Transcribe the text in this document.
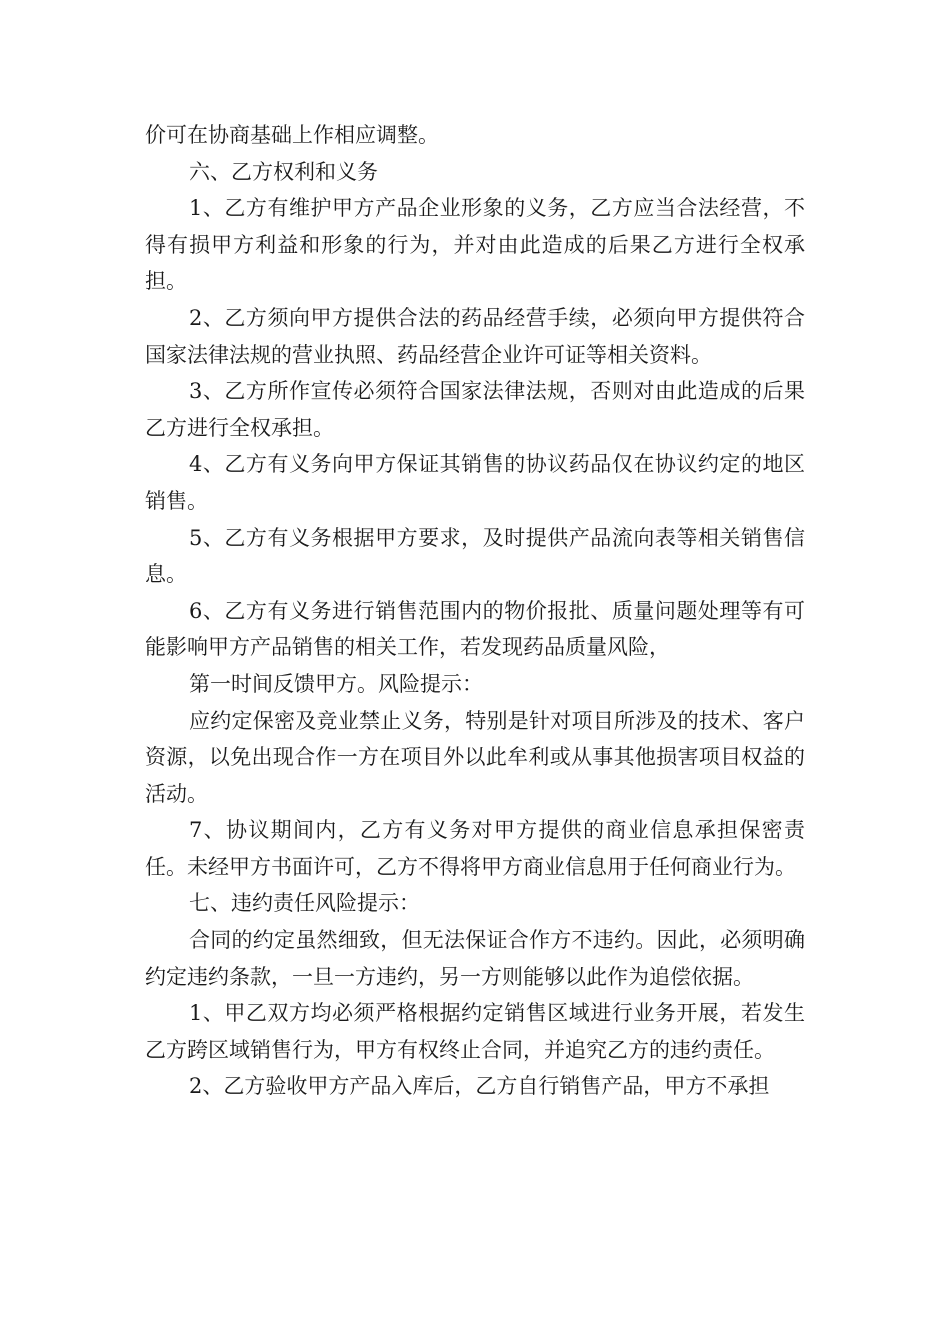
价可在协商基础上作相应调整。

六、乙方权利和义务

1、乙方有维护甲方产品企业形象的义务，乙方应当合法经营，不得有损甲方利益和形象的行为，并对由此造成的后果乙方进行全权承担。

2、乙方须向甲方提供合法的药品经营手续，必须向甲方提供符合国家法律法规的营业执照、药品经营企业许可证等相关资料。

3、乙方所作宣传必须符合国家法律法规，否则对由此造成的后果乙方进行全权承担。

4、乙方有义务向甲方保证其销售的协议药品仅在协议约定的地区销售。

5、乙方有义务根据甲方要求，及时提供产品流向表等相关销售信息。

6、乙方有义务进行销售范围内的物价报批、质量问题处理等有可能影响甲方产品销售的相关工作，若发现药品质量风险，

第一时间反馈甲方。风险提示：

应约定保密及竞业禁止义务，特别是针对项目所涉及的技术、客户资源，以免出现合作一方在项目外以此牟利或从事其他损害项目权益的活动。

7、协议期间内，乙方有义务对甲方提供的商业信息承担保密责任。未经甲方书面许可，乙方不得将甲方商业信息用于任何商业行为。

七、违约责任风险提示：

合同的约定虽然细致，但无法保证合作方不违约。因此，必须明确约定违约条款，一旦一方违约，另一方则能够以此作为追偿依据。

1、甲乙双方均必须严格根据约定销售区域进行业务开展，若发生乙方跨区域销售行为，甲方有权终止合同，并追究乙方的违约责任。

2、乙方验收甲方产品入库后，乙方自行销售产品，甲方不承担
